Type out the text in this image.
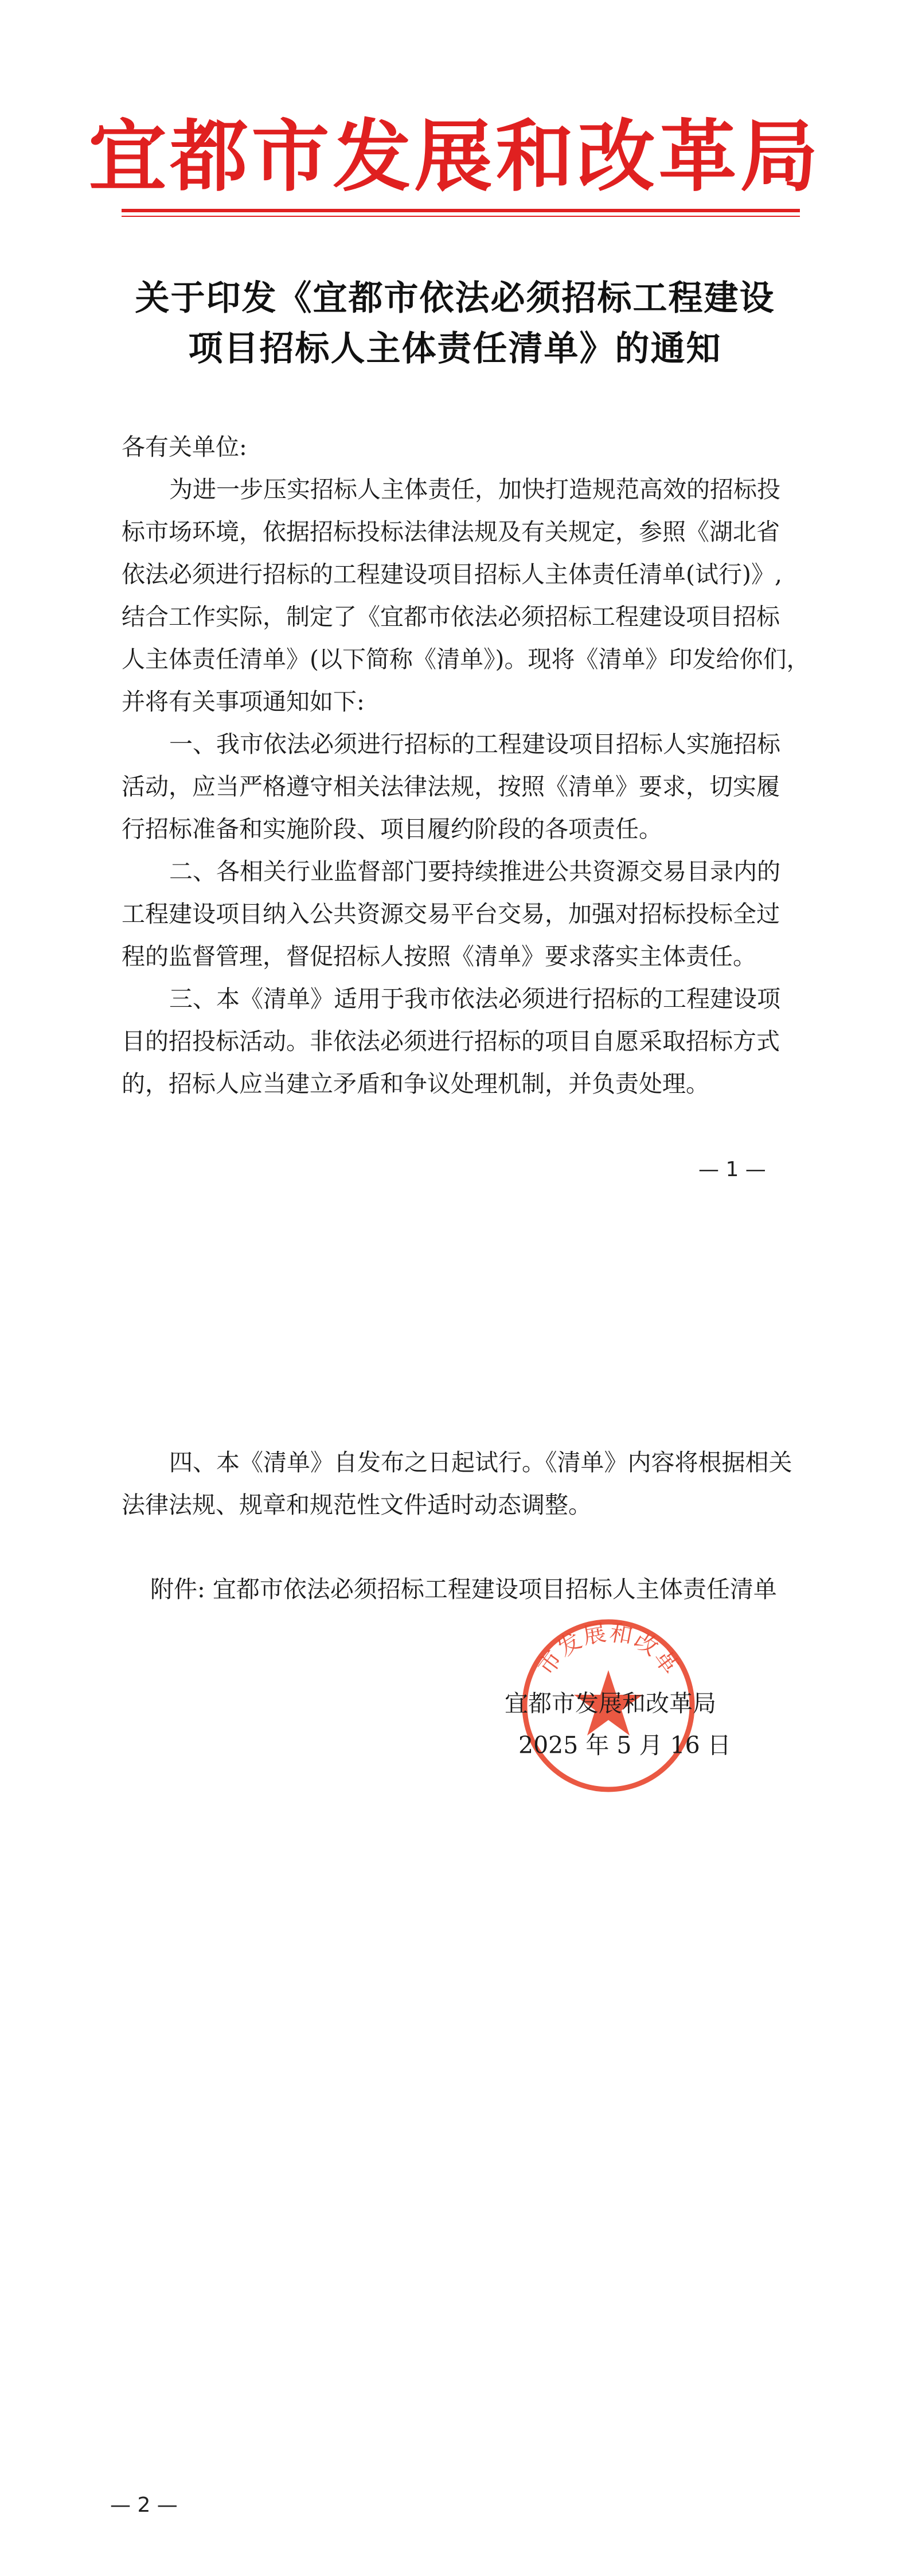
宜都市发展和改革局
关于印发《宜都市依法必须招标工程建设
项目招标人主体责任清单》的通知
各有关单位:
为进一步压实招标人主体责任，加快打造规范高效的招标投
标市场环境，依据招标投标法律法规及有关规定，参照《湖北省
依法必须进行招标的工程建设项目招标人主体责任清单(试行)》,
结合工作实际，制定了《宜都市依法必须招标工程建设项目招标
人主体责任清单》(以下简称《清单》)。现将《清单》印发给你们，
并将有关事项通知如下:
一、我市依法必须进行招标的工程建设项目招标人实施招标
活动，应当严格遵守相关法律法规，按照《清单》要求，切实履
行招标准备和实施阶段、项目履约阶段的各项责任。
二、各相关行业监督部门要持续推进公共资源交易目录内的
工程建设项目纳入公共资源交易平台交易，加强对招标投标全过
程的监督管理，督促招标人按照《清单》要求落实主体责任。
三、本《清单》适用于我市依法必须进行招标的工程建设项
目的招投标活动。非依法必须进行招标的项目自愿采取招标方式
的，招标人应当建立矛盾和争议处理机制，并负责处理。
— 1 —
四、本《清单》自发布之日起试行。《清单》内容将根据相关
法律法规、规章和规范性文件适时动态调整。
附件: 宜都市依法必须招标工程建设项目招标人主体责任清单
市发展和改革
宜都市发展和改革局
2025 年 5 月 16 日
— 2 —
